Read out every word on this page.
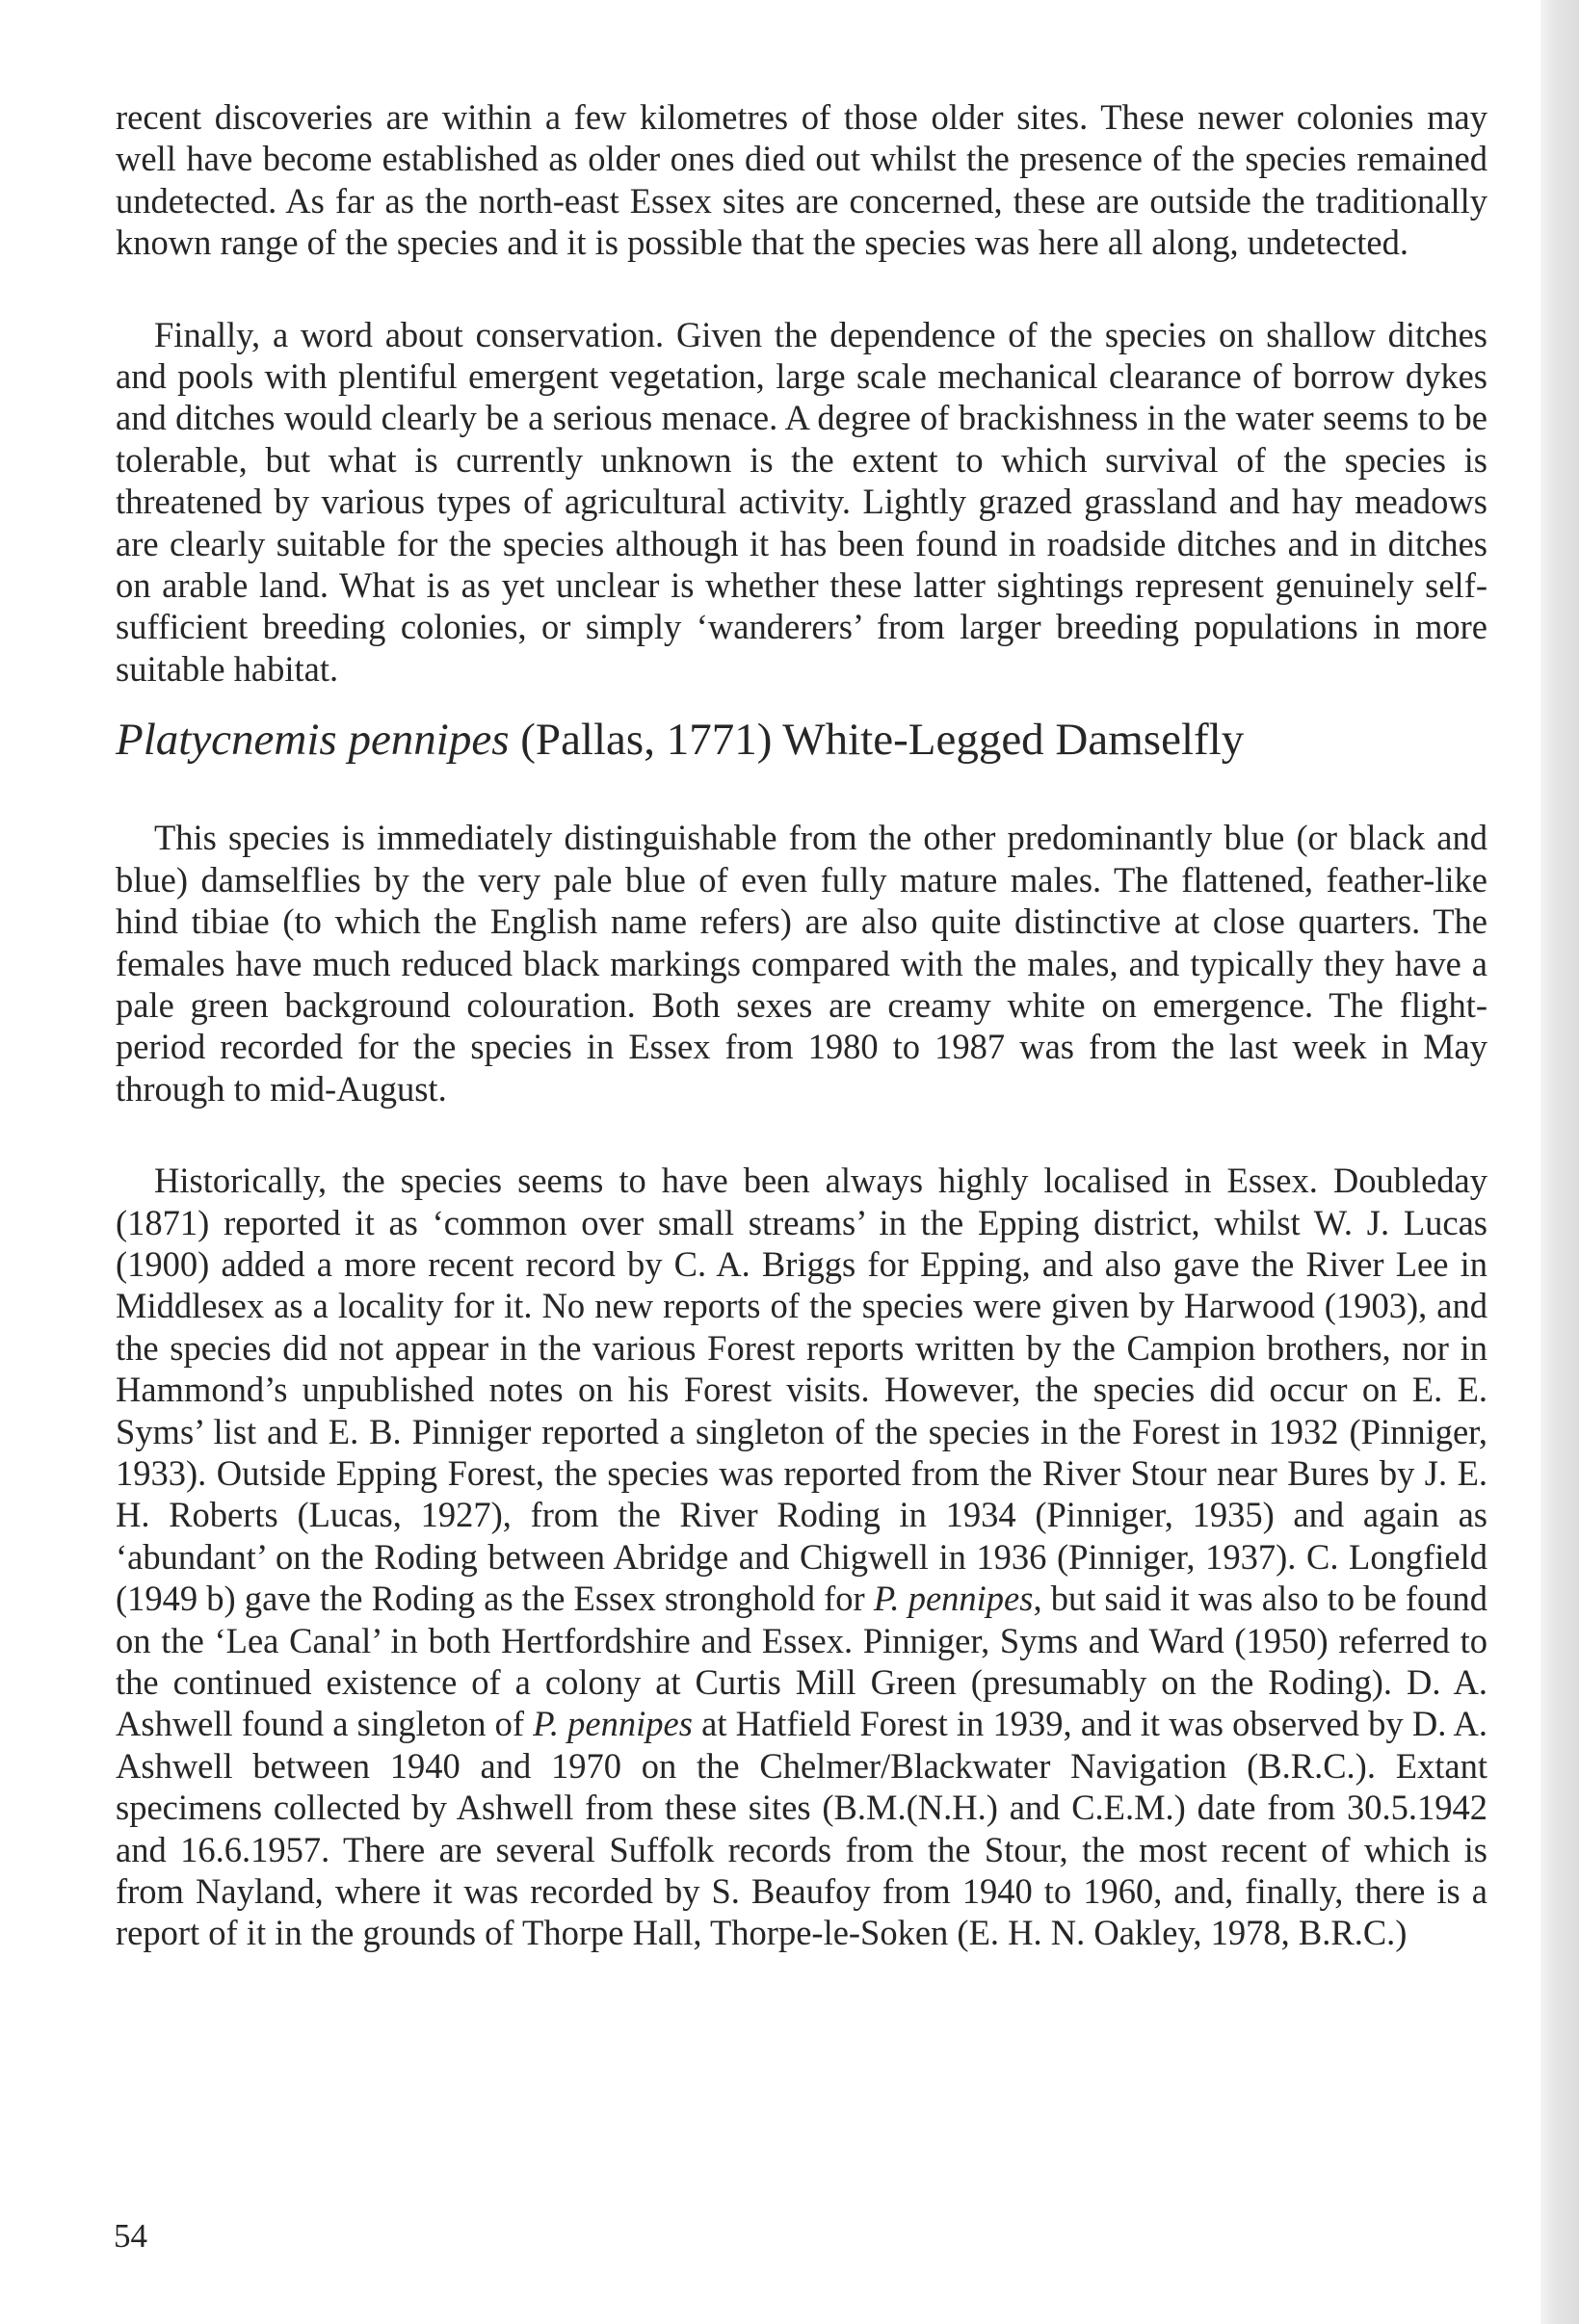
recent discoveries are within a few kilometres of those older sites. These newer colonies may well have become established as older ones died out whilst the presence of the species remained undetected. As far as the north-east Essex sites are concerned, these are outside the traditionally known range of the species and it is possible that the species was here all along, undetected.

Finally, a word about conservation. Given the dependence of the species on shallow ditches and pools with plentiful emergent vegetation, large scale mechanical clearance of borrow dykes and ditches would clearly be a serious menace. A degree of brackishness in the water seems to be tolerable, but what is currently unknown is the extent to which survival of the species is threatened by various types of agricultural activity. Lightly grazed grassland and hay meadows are clearly suitable for the species although it has been found in roadside ditches and in ditches on arable land. What is as yet unclear is whether these latter sightings represent genuinely self-sufficient breeding colonies, or simply ‘wanderers’ from larger breeding populations in more suitable habitat.

Platycnemis pennipes (Pallas, 1771) White-Legged Damselfly

This species is immediately distinguishable from the other predominantly blue (or black and blue) damselflies by the very pale blue of even fully mature males. The flattened, feather-like hind tibiae (to which the English name refers) are also quite distinctive at close quarters. The females have much reduced black markings compared with the males, and typically they have a pale green background colouration. Both sexes are creamy white on emergence. The flight-period recorded for the species in Essex from 1980 to 1987 was from the last week in May through to mid-August.

Historically, the species seems to have been always highly localised in Essex. Doubleday (1871) reported it as ‘common over small streams’ in the Epping district, whilst W. J. Lucas (1900) added a more recent record by C. A. Briggs for Epping, and also gave the River Lee in Middlesex as a locality for it. No new reports of the species were given by Harwood (1903), and the species did not appear in the various Forest reports written by the Campion brothers, nor in Hammond’s unpublished notes on his Forest visits. However, the species did occur on E. E. Syms’ list and E. B. Pinniger reported a singleton of the species in the Forest in 1932 (Pinniger, 1933). Outside Epping Forest, the species was reported from the River Stour near Bures by J. E. H. Roberts (Lucas, 1927), from the River Roding in 1934 (Pinniger, 1935) and again as ‘abundant’ on the Roding between Abridge and Chigwell in 1936 (Pinniger, 1937). C. Longfield (1949 b) gave the Roding as the Essex stronghold for P. pennipes, but said it was also to be found on the ‘Lea Canal’ in both Hertfordshire and Essex. Pinniger, Syms and Ward (1950) referred to the continued existence of a colony at Curtis Mill Green (presumably on the Roding). D. A. Ashwell found a singleton of P. pennipes at Hatfield Forest in 1939, and it was observed by D. A. Ashwell between 1940 and 1970 on the Chelmer/Blackwater Navigation (B.R.C.). Extant specimens collected by Ashwell from these sites (B.M.(N.H.) and C.E.M.) date from 30.5.1942 and 16.6.1957. There are several Suffolk records from the Stour, the most recent of which is from Nayland, where it was recorded by S. Beaufoy from 1940 to 1960, and, finally, there is a report of it in the grounds of Thorpe Hall, Thorpe-le-Soken (E. H. N. Oakley, 1978, B.R.C.)

54
